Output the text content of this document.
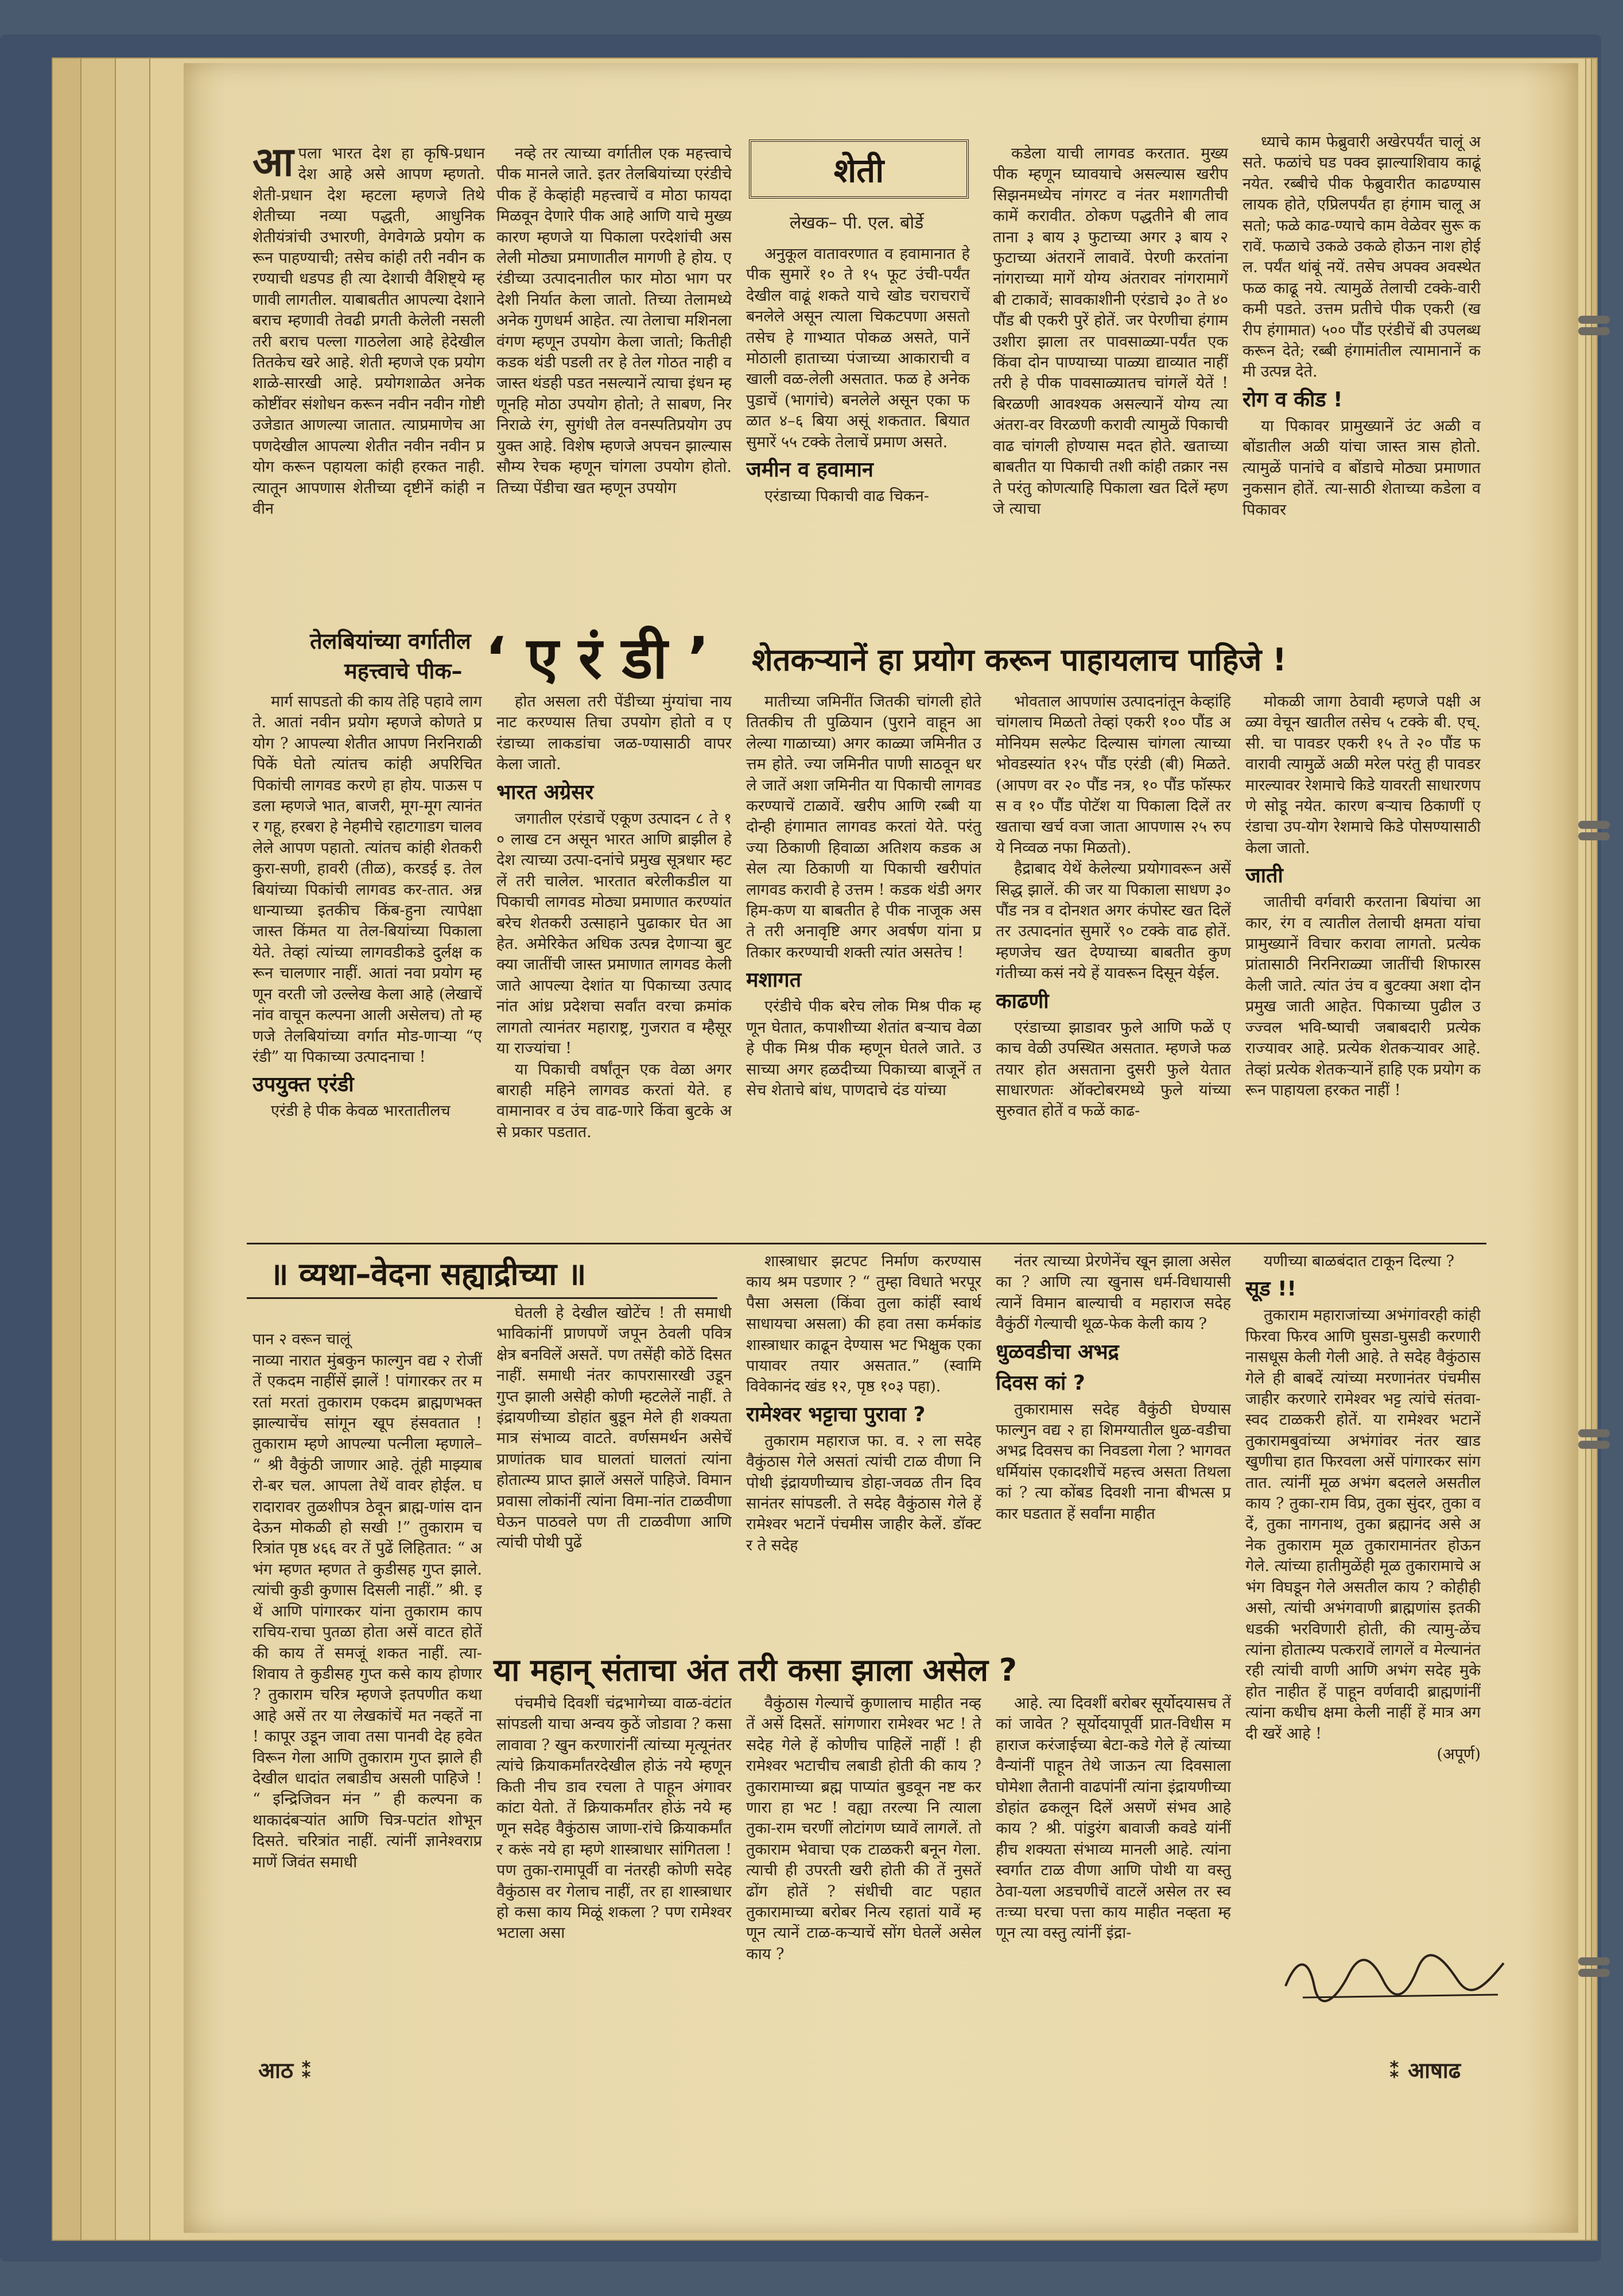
आपला भारत देश हा कृषि-प्रधान देश आहे असे आपण म्हणतो. शेती-प्रधान देश म्हटला म्हणजे तिथे शेतीच्या नव्या पद्धती, आधुनिक शेतीयंत्रांची उभारणी, वेगवेगळे प्रयोग करून पाहण्याची; तसेच कांही तरी नवीन करण्याची धडपड ही त्या देशाची वैशिष्ट्ये म्हणावी लागतील. याबाबतीत आपल्या देशाने बराच म्हणावी तेवढी प्रगती केलेली नसली तरी बराच पल्ला गाठलेला आहे हेदेखील तितकेच खरे आहे. शेती म्हणजे एक प्रयोगशाळे-सारखी आहे. प्रयोगशाळेत अनेक कोष्टींवर संशोधन करून नवीन नवीन गोष्टी उजेडात आणल्या जातात. त्याप्रमाणेच आपणदेखील आपल्या शेतीत नवीन नवीन प्रयोग करून पहायला कांही हरकत नाही. त्यातून आपणास शेतीच्या दृष्टीनें कांही नवीन

नव्हे तर त्याच्या वर्गातील एक महत्त्वाचे पीक मानले जाते. इतर तेलबियांच्या एरंडीचे पीक हें केव्हांही महत्त्वाचें व मोठा फायदा मिळवून देणारे पीक आहे आणि याचे मुख्य कारण म्हणजे या पिकाला परदेशांची असलेली मोठ्या प्रमाणातील मागणी हे होय. एरंडीच्या उत्पादनातील फार मोठा भाग परदेशी निर्यात केला जातो. तिच्या तेलामध्ये अनेक गुणधर्म आहेत. त्या तेलाचा मशिनला वंगण म्हणून उपयोग केला जातो; कितीही कडक थंडी पडली तर हे तेल गोठत नाही व जास्त थंडही पडत नसल्यानें त्याचा इंधन म्हणूनहि मोठा उपयोग होतो; ते साबण, निरनिराळे रंग, सुगंधी तेल वनस्पतिप्रयोग उपयुक्त आहे. विशेष म्हणजे अपचन झाल्यास सौम्य रेचक म्हणून चांगला उपयोग होतो. तिच्या पेंडीचा खत म्हणून उपयोग

शेती
लेखक– पी. एल. बोर्डे

अनुकूल वातावरणात व हवामानात हे पीक सुमारें १० ते १५ फूट उंची-पर्यंत देखील वाढूं शकते याचे खोड चराचराचें बनलेले असून त्याला चिकटपणा असतो तसेच हे गाभ्यात पोकळ असते, पानें मोठाली हाताच्या पंजाच्या आकाराची व खाली वळ-लेली असतात. फळ हे अनेक पुडाचें (भागांचे) बनलेले असून एका फळात ४–६ बिया असूं शकतात. बियात सुमारें ५५ टक्के तेलाचें प्रमाण असते.

जमीन व हवामान

एरंडाच्या पिकाची वाढ चिकन-

कडेला याची लागवड करतात. मुख्य पीक म्हणून घ्यावयाचे असल्यास खरीप सिझनमध्येच नांगरट व नंतर मशागतीची कामें करावीत. ठोकण पद्धतीने बी लावताना ३ बाय ३ फुटाच्या अगर ३ बाय २ फुटाच्या अंतरानें लावावें. पेरणी करतांना नांगराच्या मागें योग्य अंतरावर नांगरामागें बी टाकावें; सावकाशीनी एरंडाचे ३० ते ४० पौंड बी एकरी पुरें होतें. जर पेरणीचा हंगाम उशीरा झाला तर पावसाळ्या-पर्यंत एक किंवा दोन पाण्याच्या पाळ्या द्याव्यात नाहीं तरी हे पीक पावसाळ्यातच चांगलें येतें ! बिरळणी आवश्यक असल्यानें योग्य त्या अंतरा-वर विरळणी करावी त्यामुळें पिकाची वाढ चांगली होण्यास मदत होते. खताच्या बाबतीत या पिकाची तशी कांही तक्रार नसते परंतु कोणत्याहि पिकाला खत दिलें म्हणजे त्याचा

ध्याचे काम फेब्रुवारी अखेरपर्यंत चालूं असते. फळांचे घड पक्व झाल्याशिवाय काढूं नयेत. रब्बीचे पीक फेब्रुवारीत काढण्यास लायक होते, एप्रिलपर्यंत हा हंगाम चालू असतो; फळे काढ-ण्याचे काम वेळेवर सुरू करावें. फळाचे उकळे उकळे होऊन नाश होईल. पर्यंत थांबूं नयें. तसेच अपक्व अवस्थेत फळ काढू नये. त्यामुळें तेलाची टक्के-वारी कमी पडते. उत्तम प्रतीचे पीक एकरी (खरीप हंगामात) ५०० पौंड एरंडीचें बी उपलब्ध करून देते; रब्बी हंगामांतील त्यामानानें कमी उत्पन्न देते.

रोग व कीड !

या पिकावर प्रामुख्यानें उंट अळी व बोंडातील अळी यांचा जास्त त्रास होतो. त्यामुळें पानांचे व बोंडाचे मोठ्या प्रमाणात नुकसान होतें. त्या-साठी शेताच्या कडेला व पिकावर

तेलबियांच्या वर्गातील
महत्त्वाचे पीक– ‘ ए रं डी ’ शेतकऱ्यानें हा प्रयोग करून पाहायलाच पाहिजे !

मार्ग सापडतो की काय तेहि पहावे लागते. आतां नवीन प्रयोग म्हणजे कोणते प्रयोग ? आपल्या शेतीत आपण निरनिराळी पिकें घेतो त्यांतच कांही अपरिचित पिकांची लागवड करणे हा होय. पाऊस पडला म्हणजे भात, बाजरी, मूग-मूग त्यानंतर गहू, हरबरा हे नेहमीचे रहाटगाडग चालवलेले आपण पहातो. त्यांतच कांही शेतकरी कुरा-सणी, हावरी (तीळ), करडई इ. तेलबियांच्या पिकांची लागवड कर-तात. अन्नधान्याच्या इतकीच किंब-हुना त्यापेक्षा जास्त किंमत या तेल-बियांच्या पिकाला येते. तेव्हां त्यांच्या लागवडीकडे दुर्लक्ष करून चालणार नाहीं. आतां नवा प्रयोग म्हणून वरती जो उल्लेख केला आहे (लेखाचें नांव वाचून कल्पना आली असेलच) तो म्हणजे तेलबियांच्या वर्गात मोड-णाऱ्या “एरंडी” या पिकाच्या उत्पादनाचा !

उपयुक्त एरंडी

एरंडी हे पीक केवळ भारतातीलच

होत असला तरी पेंडीच्या मुंग्यांचा नायनाट करण्यास तिचा उपयोग होतो व एरंडाच्या लाकडांचा जळ-ण्यासाठी वापर केला जातो.

भारत अग्रेसर

जगातील एरंडाचें एकूण उत्पादन ८ ते १० लाख टन असून भारत आणि ब्राझील हे देश त्याच्या उत्पा-दनांचे प्रमुख सूत्रधार म्हटलें तरी चालेल. भारतात बरेलीकडील या पिकाची लागवड मोठ्या प्रमाणात करण्यांत बरेच शेतकरी उत्साहाने पुढाकार घेत आहेत. अमेरिकेत अधिक उत्पन्न देणाऱ्या बुटक्या जातींची जास्त प्रमाणात लागवड केली जाते आपल्या देशांत या पिकाच्या उत्पादनांत आंध्र प्रदेशचा सर्वांत वरचा क्रमांक लागतो त्यानंतर महाराष्ट्र, गुजरात व म्हैसूर या राज्यांचा !

या पिकाची वर्षांतून एक वेळा अगर बाराही महिने लागवड करतां येते. हवामानावर व उंच वाढ-णारे किंवा बुटके असे प्रकार पडतात.

मातीच्या जमिनींत जितकी चांगली होते तितकीच ती पुळियान (पुराने वाहून आलेल्या गाळाच्या) अगर काळ्या जमिनीत उत्तम होते. ज्या जमिनीत पाणी साठवून धरले जातें अशा जमिनीत या पिकाची लागवड करण्याचें टाळावें. खरीप आणि रब्बी या दोन्ही हंगामात लागवड करतां येते. परंतु ज्या ठिकाणी हिवाळा अतिशय कडक असेल त्या ठिकाणी या पिकाची खरीपांत लागवड करावी हे उत्तम ! कडक थंडी अगर हिम-कण या बाबतीत हे पीक नाजूक असते तरी अनावृष्टि अगर अवर्षण यांना प्रतिकार करण्याची शक्ती त्यांत असतेच !

मशागत

एरंडीचे पीक बरेच लोक मिश्र पीक म्हणून घेतात, कपाशीच्या शेतांत बऱ्याच वेळा हे पीक मिश्र पीक म्हणून घेतले जाते. उसाच्या अगर हळदीच्या पिकाच्या बाजूनें तसेच शेताचे बांध, पाणदाचे दंड यांच्या

भोवताल आपणांस उत्पादनांतून केव्हांहि चांगलाच मिळतो तेव्हां एकरी १०० पौंड अमोनियम सल्फेट दिल्यास चांगला त्याच्या भोवडस्यांत १२५ पौंड एरंडी (बी) मिळते. (आपण वर २० पौंड नत्र, १० पौंड फॉस्फरस व १० पौंड पोटॅश या पिकाला दिलें तर खताचा खर्च वजा जाता आपणास २५ रुपये निव्वळ नफा मिळतो).

हैद्राबाद येथें केलेल्या प्रयोगावरून असें सिद्ध झालें. की जर या पिकाला साधण ३० पौंड नत्र व दोनशत अगर कंपोस्ट खत दिलें तर उत्पादनांत सुमारें ९० टक्के वाढ होतें. म्हणजेच खत देण्याच्या बाबतीत कुणगंतीच्या कसं नये हें यावरून दिसून येईल.

काढणी

एरंडाच्या झाडावर फुले आणि फळें एकाच वेळी उपस्थित असतात. म्हणजे फळ तयार होत असताना दुसरी फुले येतात साधारणतः ऑक्टोबरमध्ये फुले यांच्या सुरुवात होतें व फळें काढ-

मोकळी जागा ठेवावी म्हणजे पक्षी अळ्या वेचून खातील तसेच ५ टक्के बी. एच्.सी. चा पावडर एकरी १५ ते २० पौंड फवारावी त्यामुळें अळी मरेल परंतु ही पावडर मारल्यावर रेशमाचे किडे यावरती साधारणपणे सोडू नयेत. कारण बऱ्याच ठिकाणीं एरंडाचा उप-योग रेशमाचे किडे पोसण्यासाठी केला जातो.

जाती

जातीची वर्गवारी करताना बियांचा आकार, रंग व त्यातील तेलाची क्षमता यांचा प्रामुख्यानें विचार करावा लागतो. प्रत्येक प्रांतासाठी निरनिराळ्या जातींची शिफारस केली जाते. त्यांत उंच व बुटक्या अशा दोन प्रमुख जाती आहेत. पिकाच्या पुढील उज्ज्वल भवि-ष्याची जबाबदारी प्रत्येक राज्यावर आहे. प्रत्येक शेतकऱ्यावर आहे. तेव्हां प्रत्येक शेतकऱ्यानें हाहि एक प्रयोग करून पाहायला हरकत नाहीं !

॥ व्यथा–वेदना सह्याद्रीच्या ॥

पान २ वरून चालूं
नाव्या नारात मुंबकुन फाल्गुन वद्य २ रोजीं तें एकदम नाहींसें झालें ! पांगारकर तर मरतां मरतां तुकाराम एकदम ब्राह्मणभक्त झाल्याचेंच सांगून खूप हंसवतात ! तुकाराम म्हणे आपल्या पत्नीला म्हणाले– “ श्री वैकुंठी जाणार आहे. तूंही माझ्याबरो-बर चल. आपला तेथें वावर होईल. घरादारावर तुळशीपत्र ठेवून ब्राह्म-णांस दान देऊन मोकळी हो सखी !” तुकाराम चरित्रांत पृष्ठ ४६६ वर तें पुढें लिहितात: “ अभंग म्हणत म्हणत ते कुडीसह गुप्त झाले. त्यांची कुडी कुणास दिसली नाहीं.” श्री. इथें आणि पांगारकर यांना तुकाराम कापराचिय-राचा पुतळा होता असें वाटत होतें की काय तें समजूं शकत नाहीं. त्या-शिवाय ते कुडीसह गुप्त कसे काय होणार ? तुकाराम चरित्र म्हणजे इतपणीत कथा आहे असें तर या लेखकांचें मत नव्हतें ना ! कापूर उडून जावा तसा पानवी देह हवेत विरून गेला आणि तुकाराम गुप्त झाले ही देखील धादांत लबाडीच असली पाहिजे ! “ इन्द्रिजिवन मंन ” ही कल्पना कथाकादंबऱ्यांत आणि चित्र-पटांत शोभून दिसते. चरित्रांत नाहीं. त्यांनीं ज्ञानेश्वराप्रमाणें जिवंत समाधी

घेतली हे देखील खोटेंच ! ती समाधी भाविकांनीं प्राणपणें जपून ठेवली पवित्र क्षेत्र बनविलें असतें. पण तसेंही कोठें दिसत नाहीं. समाधी नंतर कापरासारखी उडून गुप्त झाली असेही कोणी म्हटलेलें नाहीं. ते इंद्रायणीच्या डोहांत बुडून मेले ही शक्यता मात्र संभाव्य वाटते. वर्णसमर्थन असेचें प्राणांतक घाव घालतां घालतां त्यांना होतात्म्य प्राप्त झालें असलें पाहिजे. विमानप्रवासा लोकांनीं त्यांना विमा-नांत टाळवीणा घेऊन पाठवले पण ती टाळवीणा आणि त्यांची पोथी पुढें

शास्त्राधार झटपट निर्माण करण्यास काय श्रम पडणार ? “ तुम्हा विधाते भरपूर पैसा असला (किंवा तुला कांहीं स्वार्थ साधायचा असला) की हवा तसा कर्मकांड शास्त्राधार काढून देण्यास भट भिक्षुक एका पायावर तयार असतात.” (स्वामि विवेकानंद खंड १२, पृष्ठ १०३ पहा).

रामेश्वर भट्टाचा पुरावा ?

तुकाराम महाराज फा. व. २ ला सदेह वैकुंठास गेले असतां त्यांची टाळ वीणा नि पोथी इंद्रायणीच्याच डोहा-जवळ तीन दिवसानंतर सांपडली. ते सदेह वैकुंठास गेले हें रामेश्वर भटानें पंचमीस जाहीर केलें. डॉक्टर ते सदेह

नंतर त्याच्या प्रेरणेनेंच खून झाला असेल का ? आणि त्या खुनास धर्म-विधायासी त्यानें विमान बाल्याची व महाराज सदेह वैकुंठीं गेल्याची थूळ-फेक केली काय ?

धुळवडीचा अभद्र
दिवस कां ?

तुकारामास सदेह वैकुंठी घेण्यास फाल्गुन वद्य २ हा शिमग्यातील धुळ-वडीचा अभद्र दिवसच का निवडला गेला ? भागवत धर्मियांस एकादशीचें महत्त्व असता तिथला कां ? त्या कोंबड दिवशी नाना बीभत्स प्रकार घडतात हें सर्वांना माहीत

यणीच्या बाळबंदात टाकून दिल्या ?

सूड !!

तुकाराम महाराजांच्या अभंगांवरही कांही फिरवा फिरव आणि घुसडा-घुसडी करणारी नासधूस केली गेली आहे. ते सदेह वैकुंठास गेले ही बाबदें त्यांच्या मरणानंतर पंचमीस जाहीर करणारे रामेश्वर भट्ट त्यांचे संतवा-स्वद टाळकरी होतें. या रामेश्वर भटानें तुकारामबुवांच्या अभंगांवर नंतर खाडखुणीचा हात फिरवला असें पांगारकर सांगतात. त्यांनीं मूळ अभंग बदलले असतील काय ? तुका-राम विप्र, तुका सुंदर, तुका वदें, तुका नागनाथ, तुका ब्रह्मानंद असे अनेक तुकाराम मूळ तुकारामानंतर होऊन गेले. त्यांच्या हातीमुळेंही मूळ तुकारामाचे अभंग विघडून गेले असतील काय ? कोहीही असो, त्यांची अभंगवाणी ब्राह्मणांस इतकी धडकी भरविणारी होती, की त्यामु-ळेंच त्यांना होतात्म्य पत्करावें लागलें व मेल्यानंतरही त्यांची वाणी आणि अभंग सदेह मुके होत नाहीत हें पाहून वर्णवादी ब्राह्मणांनीं त्यांना कधीच क्षमा केली नाहीं हें मात्र अगदी खरें आहे !

(अपूर्ण)
या महान् संताचा अंत तरी कसा झाला असेल ?

पंचमीचे दिवशीं चंद्रभागेच्या वाळ-वंटांत सांपडली याचा अन्वय कुठें जोडावा ? कसा लावावा ? खुन करणारांनीं त्यांच्या मृत्यूनंतर त्यांचे क्रियाकर्मांतरदेखील होऊं नये म्हणून किती नीच डाव रचला ते पाहून अंगावर कांटा येतो. तें क्रियाकर्मांतर होऊं नये म्हणून सदेह वैकुंठास जाणा-रांचे क्रियाकर्मांतर करूं नये हा म्हणे शास्त्राधार सांगितला ! पण तुका-रामापूर्वी वा नंतरही कोणी सदेह वैकुंठास वर गेलाच नाहीं, तर हा शास्त्राधार हो कसा काय मिळूं शकला ? पण रामेश्वरभटाला असा

वैकुंठास गेल्याचें कुणालाच माहीत नव्हतें असें दिसतें. सांगणारा रामेश्वर भट ! ते सदेह गेले हें कोणीच पाहिलें नाहीं ! ही रामेश्वर भटाचीच लबाडी होती की काय ? तुकारामाच्या ब्रह्म पाप्यांत बुडवून नष्ट करणारा हा भट ! वह्या तरल्या नि त्याला तुका-राम चरणीं लोटांगण घ्यावें लागलें. तो तुकाराम भेवाचा एक टाळकरी बनून गेला. त्याची ही उपरती खरी होती की तें नुसतें ढोंग होतें ? संधीची वाट पहात तुकारामाच्या बरोबर नित्य रहातां यावें म्हणून त्यानें टाळ-कऱ्याचें सोंग घेतलें असेल काय ?

आहे. त्या दिवशीं बरोबर सूर्योदयासच तें कां जावेत ? सूर्योदयापूर्वी प्रात-विधीस महाराज करंजाईच्या बेटा-कडे गेले हें त्यांच्या वैन्यांनीं पाहून तेथे जाऊन त्या दिवसाला घोमेशा लैतानी वाढपांनीं त्यांना इंद्रायणीच्या डोहांत ढकलून दिलें असणें संभव आहे काय ? श्री. पांडुरंग बावाजी कवडे यांनीं हीच शक्यता संभाव्य मानली आहे. त्यांना स्वर्गात टाळ वीणा आणि पोथी या वस्तु ठेवा-यला अडचणीचें वाटलें असेल तर स्वतःच्या घरचा पत्ता काय माहीत नव्हता म्हणून त्या वस्तु त्यांनीं इंद्रा-

आठ ⁑	⁑ आषाढ
